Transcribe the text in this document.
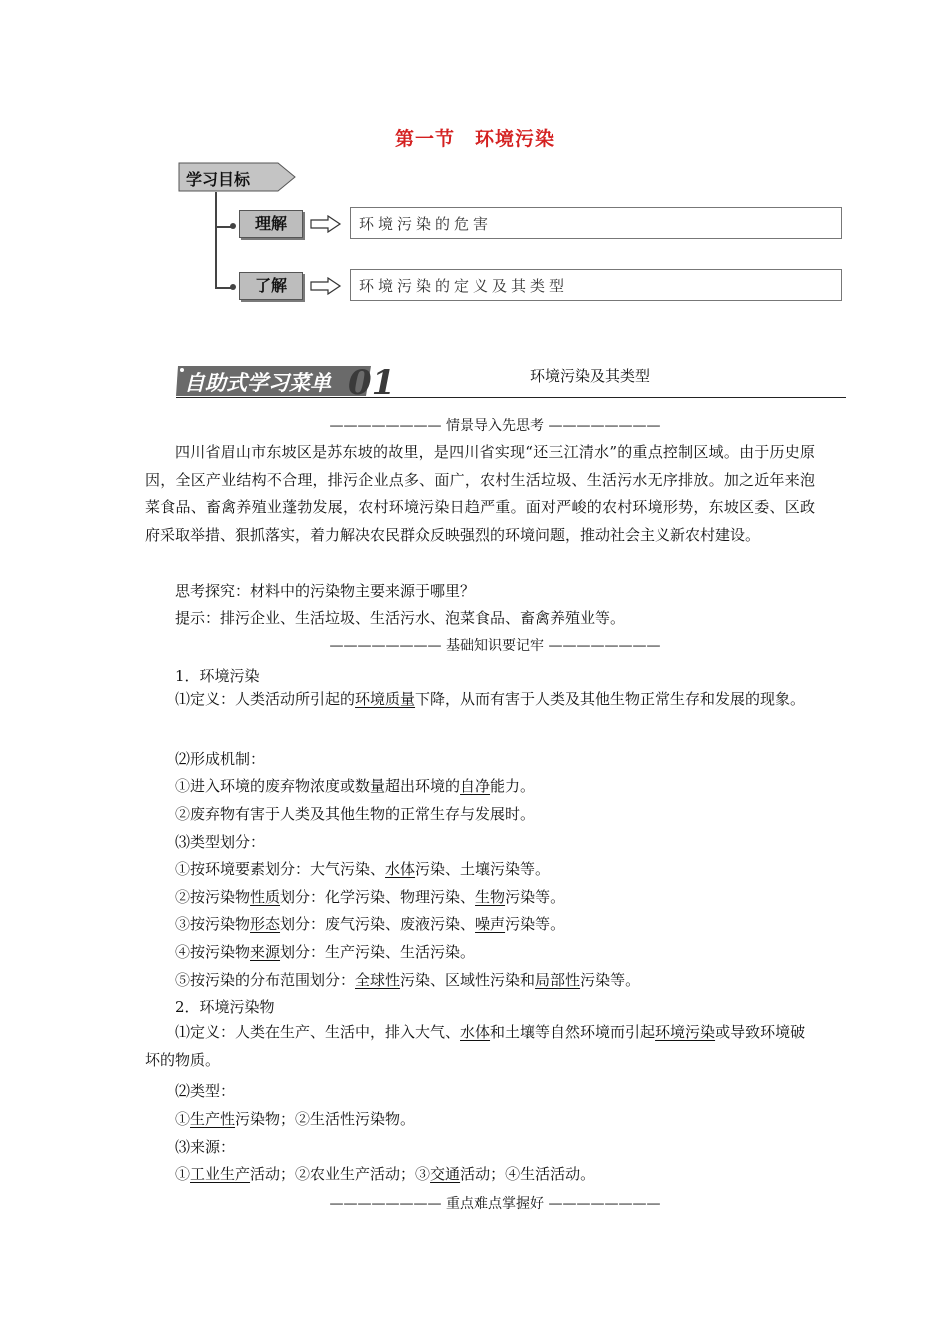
第一节　环境污染
学习目标
理解	环境污染的危害
了解	环境污染的定义及其类型
自助式学习菜单 01	环境污染及其类型
———————— 情景导入先思考 ————————

四川省眉山市东坡区是苏东坡的故里，是四川省实现“还三江清水”的重点控制区域。由于历史原因，全区产业结构不合理，排污企业点多、面广，农村生活垃圾、生活污水无序排放。加之近年来泡菜食品、畜禽养殖业蓬勃发展，农村环境污染日趋严重。面对严峻的农村环境形势，东坡区委、区政府采取举措、狠抓落实，着力解决农民群众反映强烈的环境问题，推动社会主义新农村建设。

思考探究：材料中的污染物主要来源于哪里？
提示：排污企业、生活垃圾、生活污水、泡菜食品、畜禽养殖业等。
———————— 基础知识要记牢 ————————
1．环境污染

⑴定义：人类活动所引起的环境质量下降，从而有害于人类及其他生物正常生存和发展的现象。

⑵形成机制：
①进入环境的废弃物浓度或数量超出环境的自净能力。
②废弃物有害于人类及其他生物的正常生存与发展时。
⑶类型划分：
①按环境要素划分：大气污染、水体污染、土壤污染等。
②按污染物性质划分：化学污染、物理污染、生物污染等。
③按污染物形态划分：废气污染、废液污染、噪声污染等。
④按污染物来源划分：生产污染、生活污染。
⑤按污染的分布范围划分：全球性污染、区域性污染和局部性污染等。
2．环境污染物

⑴定义：人类在生产、生活中，排入大气、水体和土壤等自然环境而引起环境污染或导致环境破坏的物质。

⑵类型：
①生产性污染物；②生活性污染物。
⑶来源：
①工业生产活动；②农业生产活动；③交通活动；④生活活动。
———————— 重点难点掌握好 ————————
